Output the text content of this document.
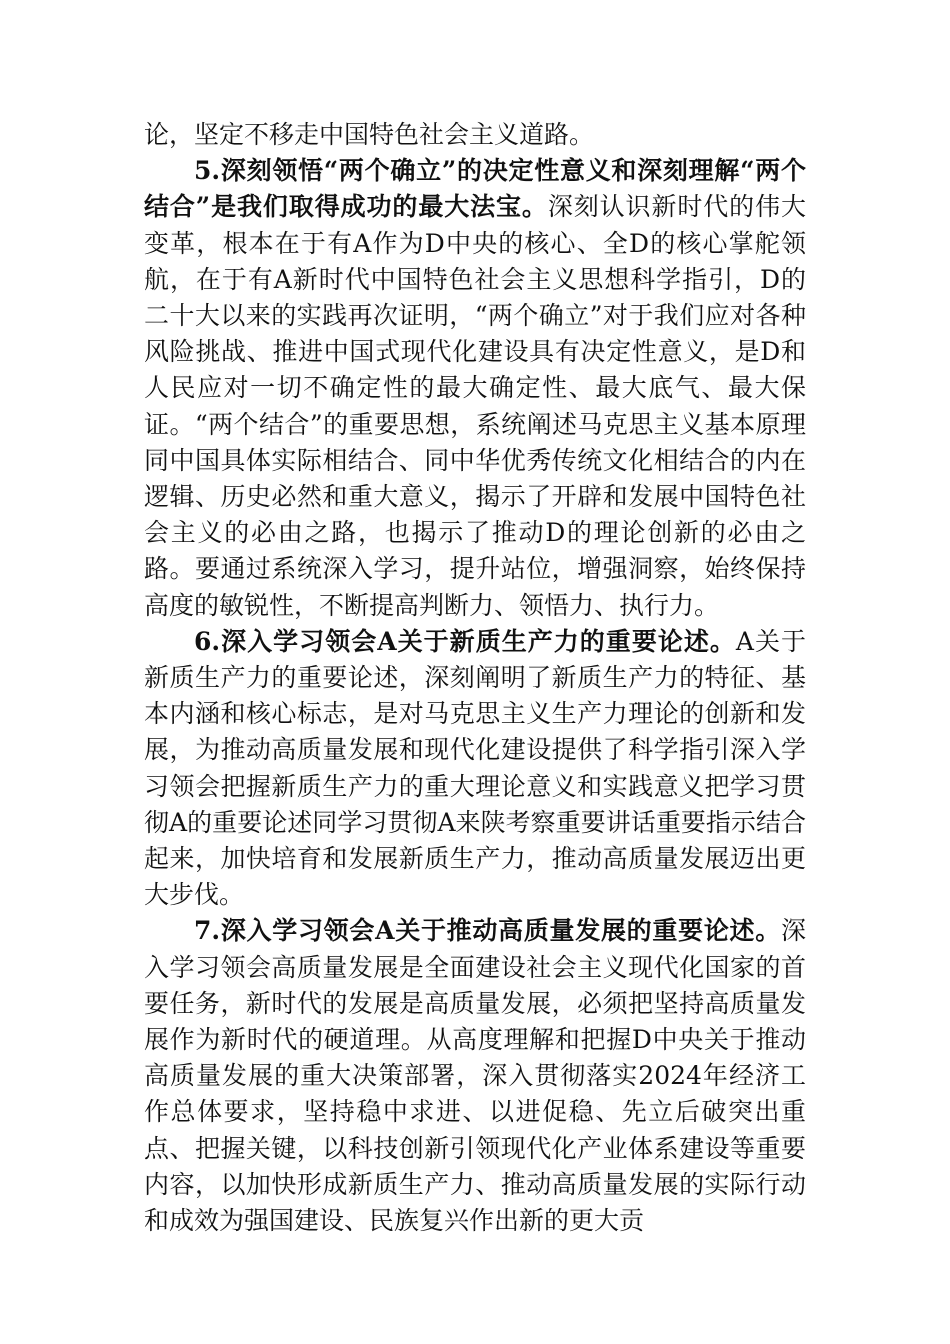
论，坚定不移走中国特色社会主义道路。

5.深刻领悟“两个确立”的决定性意义和深刻理解“两个结合”是我们取得成功的最大法宝。深刻认识新时代的伟大变革，根本在于有A作为D中央的核心、全D的核心掌舵领航，在于有A新时代中国特色社会主义思想科学指引，D的二十大以来的实践再次证明，“两个确立”对于我们应对各种风险挑战、推进中国式现代化建设具有决定性意义，是D和人民应对一切不确定性的最大确定性、最大底气、最大保证。“两个结合”的重要思想，系统阐述马克思主义基本原理同中国具体实际相结合、同中华优秀传统文化相结合的内在逻辑、历史必然和重大意义，揭示了开辟和发展中国特色社会主义的必由之路，也揭示了推动D的理论创新的必由之路。要通过系统深入学习，提升站位，增强洞察，始终保持高度的敏锐性，不断提高判断力、领悟力、执行力。

6.深入学习领会A关于新质生产力的重要论述。A关于新质生产力的重要论述，深刻阐明了新质生产力的特征、基本内涵和核心标志，是对马克思主义生产力理论的创新和发展，为推动高质量发展和现代化建设提供了科学指引深入学习领会把握新质生产力的重大理论意义和实践意义把学习贯彻A的重要论述同学习贯彻A来陕考察重要讲话重要指示结合起来，加快培育和发展新质生产力，推动高质量发展迈出更大步伐。

7.深入学习领会A关于推动高质量发展的重要论述。深入学习领会高质量发展是全面建设社会主义现代化国家的首要任务，新时代的发展是高质量发展，必须把坚持高质量发展作为新时代的硬道理。从高度理解和把握D中央关于推动高质量发展的重大决策部署，深入贯彻落实2024年经济工作总体要求，坚持稳中求进、以进促稳、先立后破突出重点、把握关键，以科技创新引领现代化产业体系建设等重要内容，以加快形成新质生产力、推动高质量发展的实际行动和成效为强国建设、民族复兴作出新的更大贡
